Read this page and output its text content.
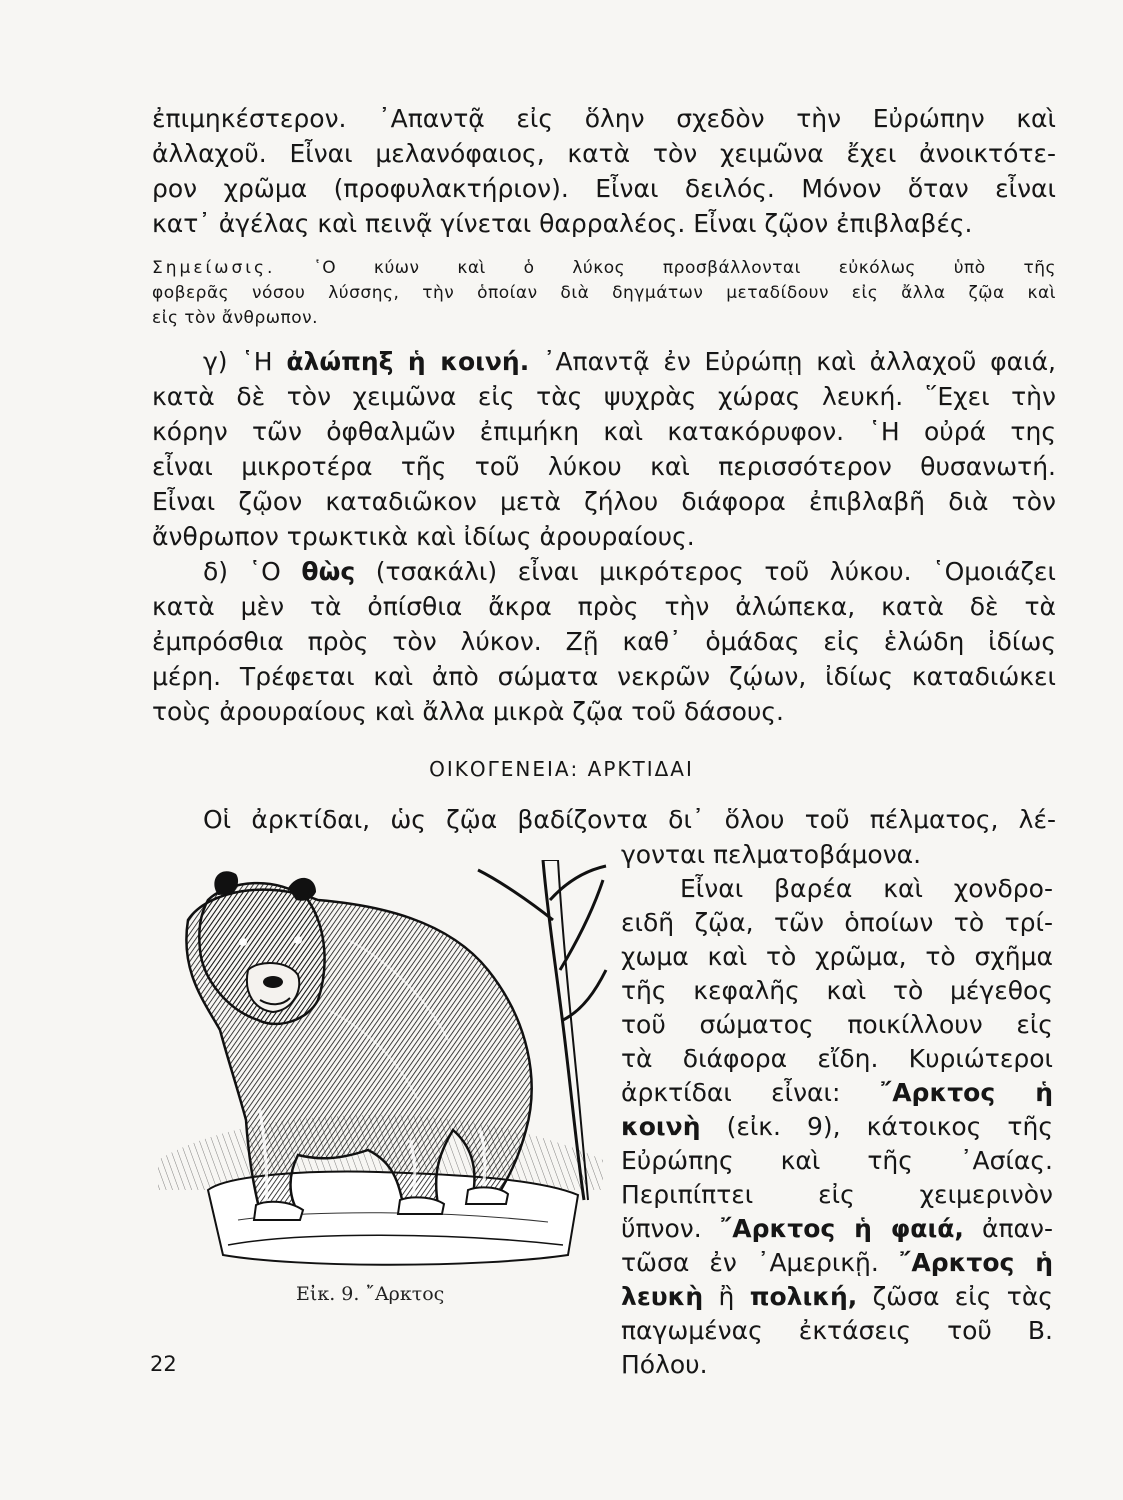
ἐπιμηκέστερον. ᾿Απαντᾷ εἰς ὅλην σχεδὸν τὴν Εὐρώπην καὶ
ἀλλαχοῦ. Εἶναι μελανόφαιος, κατὰ τὸν χειμῶνα ἔχει ἀνοικτότε-
ρον χρῶμα (προφυλακτήριον). Εἶναι δειλός. Μόνον ὅταν εἶναι
κατ᾿ ἀγέλας καὶ πεινᾷ γίνεται θαρραλέος. Εἶναι ζῷον ἐπιβλαβές.
Σημείωσις. ῾Ο κύων καὶ ὁ λύκος προσβάλλονται εὐκόλως ὑπὸ τῆς
φοβερᾶς νόσου λύσσης, τὴν ὁποίαν διὰ δηγμάτων μεταδίδουν εἰς ἄλλα ζῷα καὶ
εἰς τὸν ἄνθρωπον.
γ) ῾Η ἀλώπηξ ἡ κοινή. ᾿Απαντᾷ ἐν Εὐρώπῃ καὶ ἀλλαχοῦ φαιά,
κατὰ δὲ τὸν χειμῶνα εἰς τὰς ψυχρὰς χώρας λευκή. ῞Εχει τὴν
κόρην τῶν ὀφθαλμῶν ἐπιμήκη καὶ κατακόρυφον. ῾Η οὐρά της
εἶναι μικροτέρα τῆς τοῦ λύκου καὶ περισσότερον θυσανωτή.
Εἶναι ζῷον καταδιῶκον μετὰ ζήλου διάφορα ἐπιβλαβῆ διὰ τὸν
ἄνθρωπον τρωκτικὰ καὶ ἰδίως ἀρουραίους.
δ) ῾Ο θὼς (τσακάλι) εἶναι μικρότερος τοῦ λύκου. ῾Ομοιάζει
κατὰ μὲν τὰ ὀπίσθια ἄκρα πρὸς τὴν ἀλώπεκα, κατὰ δὲ τὰ
ἐμπρόσθια πρὸς τὸν λύκον. Ζῇ καθ᾿ ὁμάδας εἰς ἑλώδη ἰδίως
μέρη. Τρέφεται καὶ ἀπὸ σώματα νεκρῶν ζῴων, ἰδίως καταδιώκει
τοὺς ἀρουραίους καὶ ἄλλα μικρὰ ζῷα τοῦ δάσους.
ΟΙΚΟΓΕΝΕΙΑ: ΑΡΚΤΙΔΑΙ
Οἱ ἀρκτίδαι, ὡς ζῷα βαδίζοντα δι᾿ ὅλου τοῦ πέλματος, λέ-
γονται πελματοβάμονα.
Εἶναι βαρέα καὶ χονδρο-
ειδῆ ζῷα, τῶν ὁποίων τὸ τρί-
χωμα καὶ τὸ χρῶμα, τὸ σχῆμα
τῆς κεφαλῆς καὶ τὸ μέγεθος
τοῦ σώματος ποικίλλουν εἰς
τὰ διάφορα εἴδη. Κυριώτεροι
ἀρκτίδαι εἶναι: ῎Αρκτος ἡ
κοινὴ (εἰκ. 9), κάτοικος τῆς
Εὐρώπης καὶ τῆς ᾿Ασίας.
Περιπίπτει εἰς χειμερινὸν
ὕπνον. ῎Αρκτος ἡ φαιά, ἀπαν-
τῶσα ἐν ᾿Αμερικῇ. ῎Αρκτος ἡ
λευκὴ ἢ πολική, ζῶσα εἰς τὰς
παγωμένας ἐκτάσεις τοῦ Β.
Πόλου.
Εἰκ. 9. ῎Αρκτος
22
